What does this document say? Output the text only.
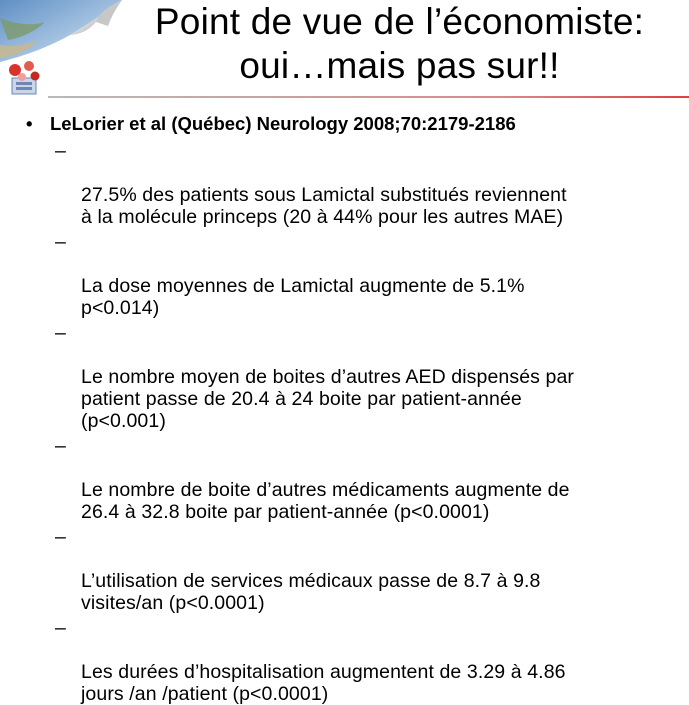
Point de vue de l’économiste:
oui…mais pas sur!!
• LeLorier et al (Québec) Neurology 2008;70:2179-2186

–

27.5% des patients sous Lamictal substitués reviennent
à la molécule princeps (20 à 44% pour les autres MAE)

–

La dose moyennes de Lamictal augmente de 5.1%
p<0.014)

–

Le nombre moyen de boites d’autres AED dispensés par
patient passe de 20.4 à 24 boite par patient-année
(p<0.001)

–

Le nombre de boite d’autres médicaments augmente de
26.4 à 32.8 boite par patient-année (p<0.0001)

–

L’utilisation de services médicaux passe de 8.7 à 9.8
visites/an (p<0.0001)

–

Les durées d’hospitalisation augmentent de 3.29 à 4.86
jours /an /patient (p<0.0001)
